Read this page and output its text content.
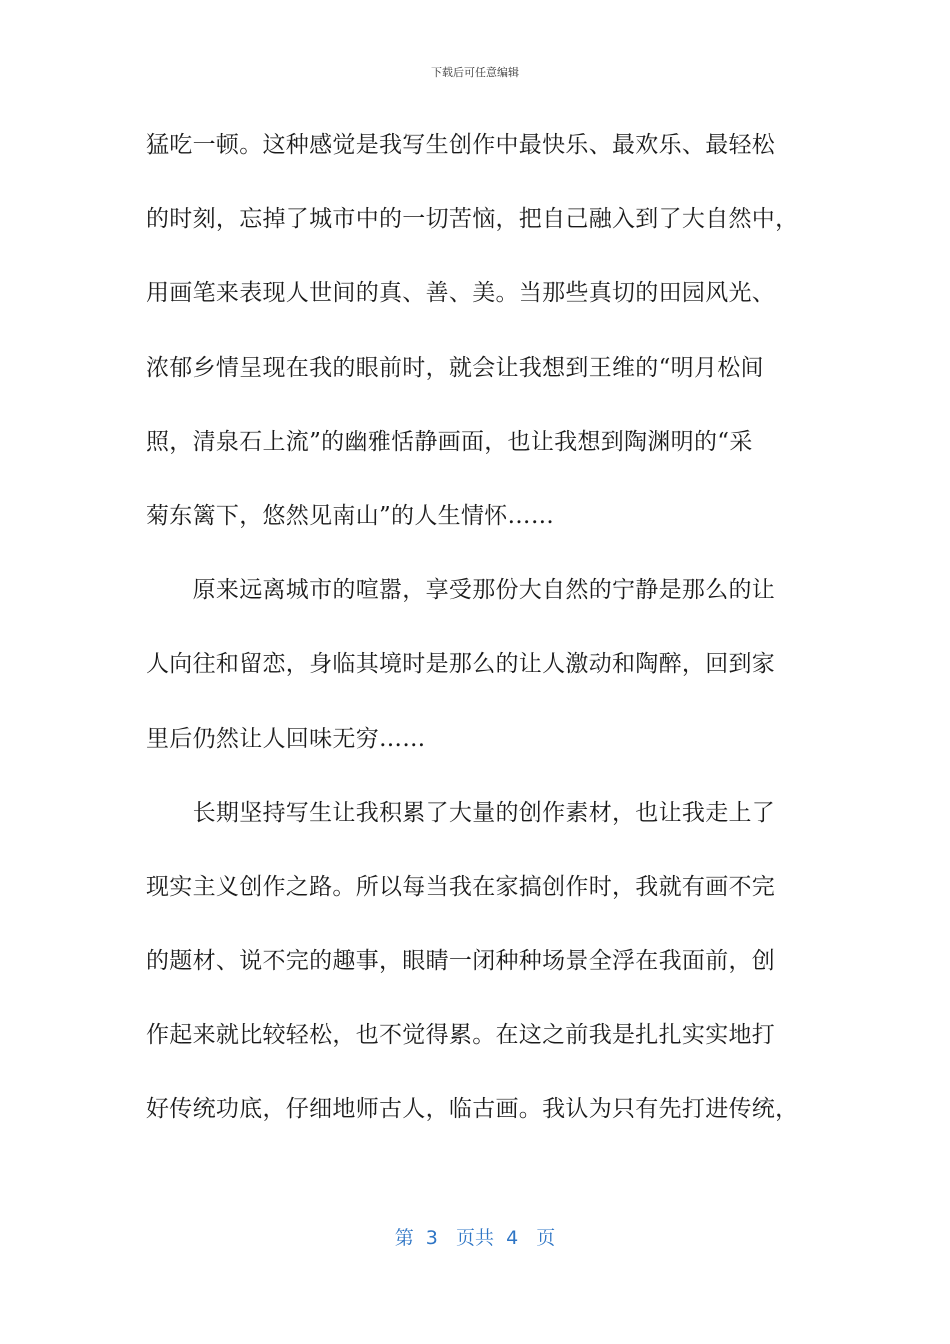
下载后可任意编辑
猛吃一顿。这种感觉是我写生创作中最快乐、最欢乐、最轻松
的时刻，忘掉了城市中的一切苦恼，把自己融入到了大自然中，
用画笔来表现人世间的真、善、美。当那些真切的田园风光、
浓郁乡情呈现在我的眼前时，就会让我想到王维的“明月松间
照，清泉石上流”的幽雅恬静画面，也让我想到陶渊明的“采
菊东篱下，悠然见南山”的人生情怀……
　　原来远离城市的喧嚣，享受那份大自然的宁静是那么的让
人向往和留恋，身临其境时是那么的让人激动和陶醉，回到家
里后仍然让人回味无穷……
　　长期坚持写生让我积累了大量的创作素材，也让我走上了
现实主义创作之路。所以每当我在家搞创作时，我就有画不完
的题材、说不完的趣事，眼睛一闭种种场景全浮在我面前，创
作起来就比较轻松，也不觉得累。在这之前我是扎扎实实地打
好传统功底，仔细地师古人，临古画。我认为只有先打进传统，
第  3   页共  4   页
